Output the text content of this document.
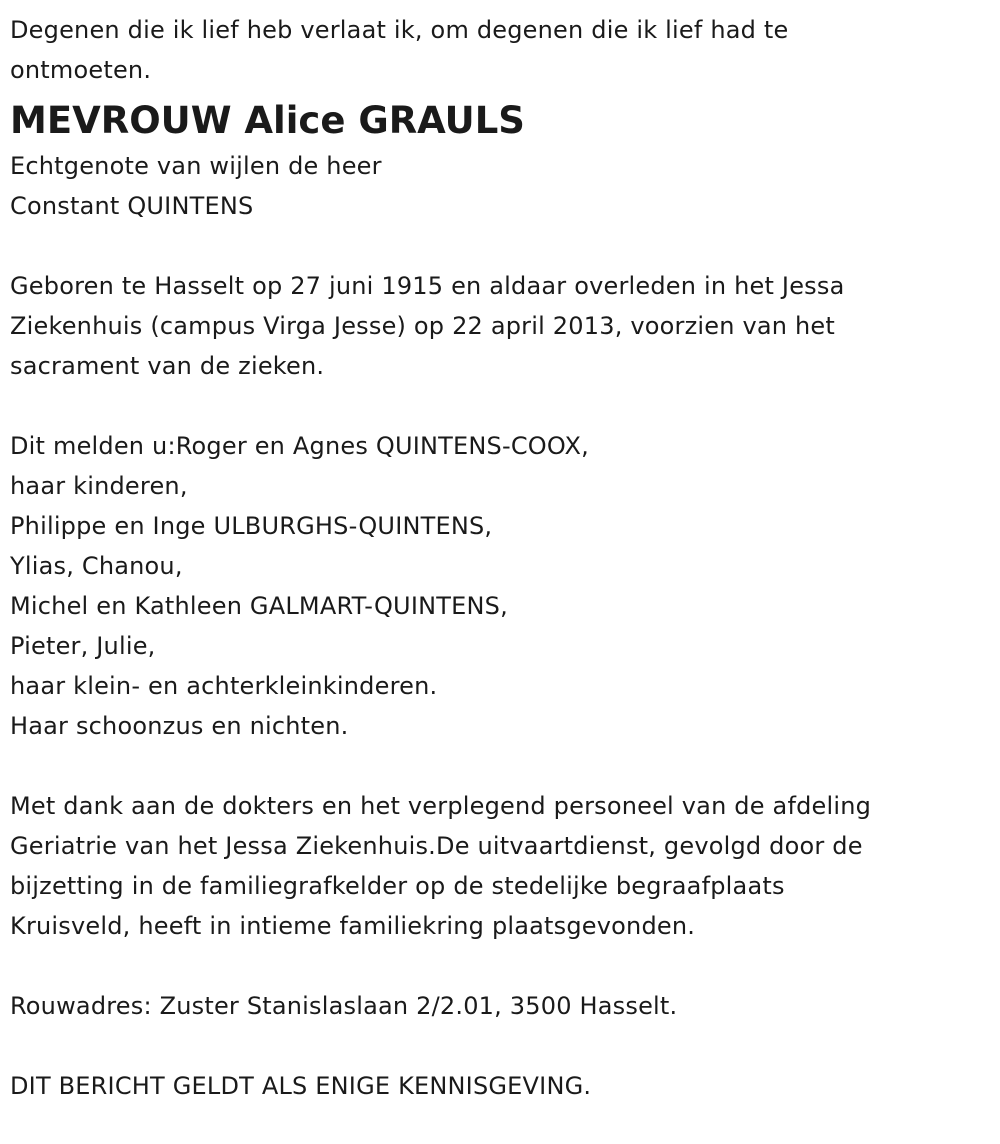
Degenen die ik lief heb verlaat ik, om degenen die ik lief had te
ontmoeten.
MEVROUW Alice GRAULS
Echtgenote van wijlen de heer
Constant QUINTENS
Geboren te Hasselt op 27 juni 1915 en aldaar overleden in het Jessa
Ziekenhuis (campus Virga Jesse) op 22 april 2013, voorzien van het
sacrament van de zieken.
Dit melden u:Roger en Agnes QUINTENS-COOX,
haar kinderen,
Philippe en Inge ULBURGHS-QUINTENS,
Ylias, Chanou,
Michel en Kathleen GALMART-QUINTENS,
Pieter, Julie,
haar klein- en achterkleinkinderen.
Haar schoonzus en nichten.
Met dank aan de dokters en het verplegend personeel van de afdeling
Geriatrie van het Jessa Ziekenhuis.De uitvaartdienst, gevolgd door de
bijzetting in de familiegrafkelder op de stedelijke begraafplaats
Kruisveld, heeft in intieme familiekring plaatsgevonden.
Rouwadres: Zuster Stanislaslaan 2/2.01, 3500 Hasselt.
DIT BERICHT GELDT ALS ENIGE KENNISGEVING.
